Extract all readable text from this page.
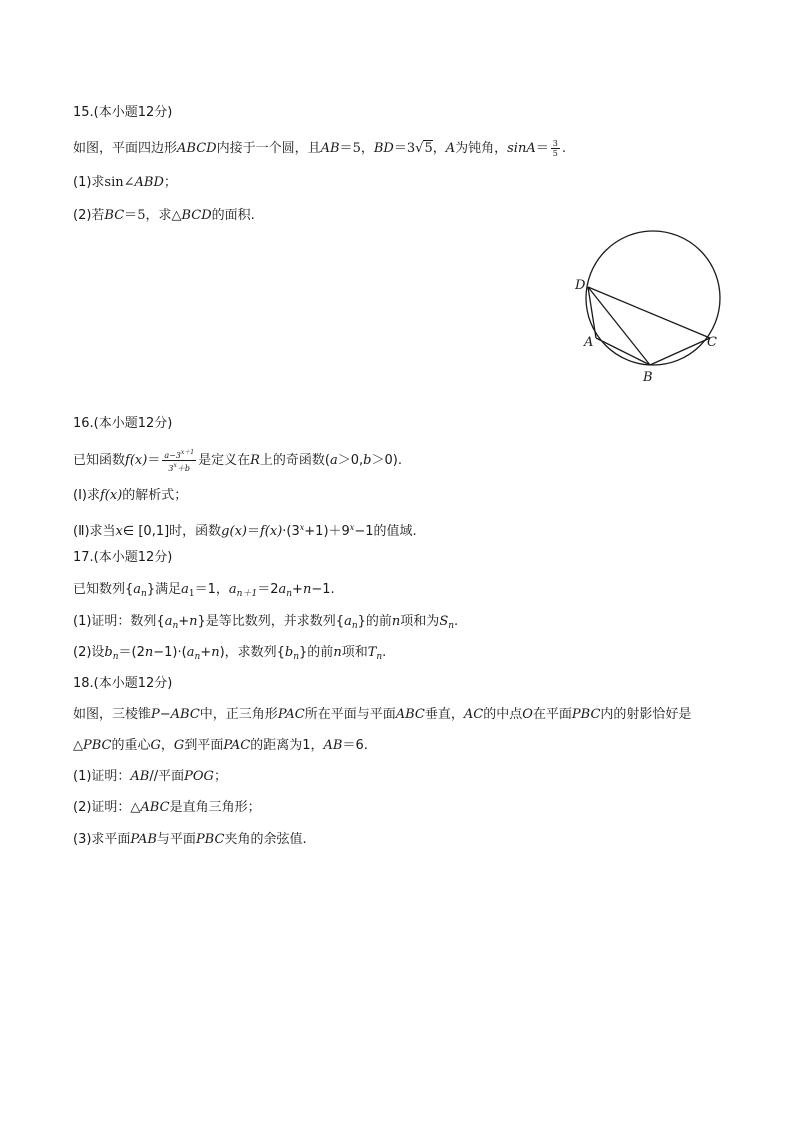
15.(本小题12分)
如图，平面四边形ABCD内接于一个圆，且AB＝5，BD＝3√5，A为钝角，$\sin A= \frac{3}{5}$ .
(1)求sin∠ABD；
(2)若BC＝5，求△BCD的面积.
D
A
B
C
16.(本小题12分)
已知函数$f(x)= \frac{a-3^{x+1}}{3^x+b}$ 是定义在R上的奇函数(a＞0,b＞0).
(Ⅰ)求f(x)的解析式；
(Ⅱ)求当x∈ [0,1]时，函数$g(x)=f(x)\cdot(3^x+1)+9^x-1$的值域.
17.(本小题12分)
已知数列$\{a_n\}$满足$a_1=1$，$a_{n+1}=2a_n+n-1$.
(1)证明：数列$\{a_n+n\}$是等比数列，并求数列$\{a_n\}$的前n项和为$S_n$.
(2)设$b_n=(2n-1)\cdot(a_n+n)$，求数列$\{b_n\}$的前n项和$T_n$.
18.(本小题12分)
如图，三棱锥P−ABC中，正三角形PAC所在平面与平面ABC垂直，AC的中点O在平面PBC内的射影恰好是
△PBC的重心G，G到平面PAC的距离为1，AB＝6.
(1)证明：AB//平面POG；
(2)证明：△ABC是直角三角形；
(3)求平面PAB与平面PBC夹角的余弦值.
